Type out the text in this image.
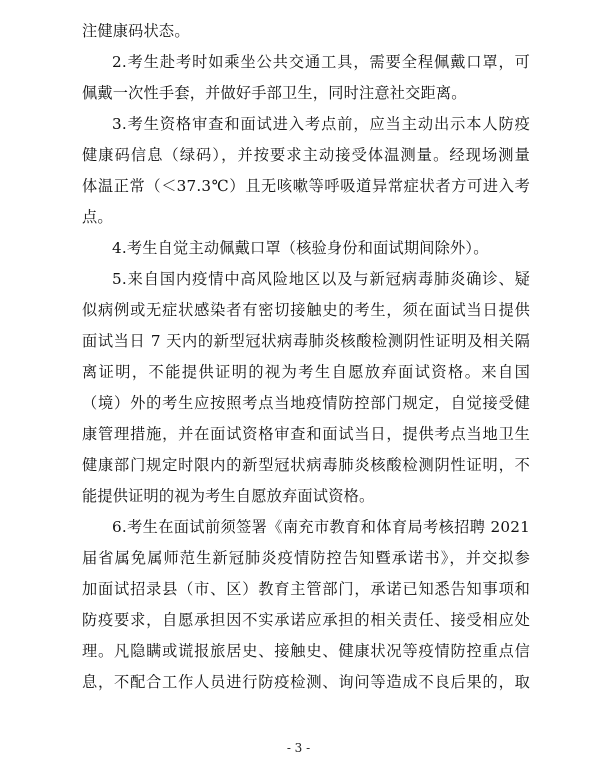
注健康码状态。
2.考生赴考时如乘坐公共交通工具，需要全程佩戴口罩，可
佩戴一次性手套，并做好手部卫生，同时注意社交距离。
3.考生资格审查和面试进入考点前，应当主动出示本人防疫
健康码信息（绿码），并按要求主动接受体温测量。经现场测量
体温正常（＜37.3℃）且无咳嗽等呼吸道异常症状者方可进入考
点。
4.考生自觉主动佩戴口罩（核验身份和面试期间除外）。
5.来自国内疫情中高风险地区以及与新冠病毒肺炎确诊、疑
似病例或无症状感染者有密切接触史的考生，须在面试当日提供
面试当日 7 天内的新型冠状病毒肺炎核酸检测阴性证明及相关隔
离证明，不能提供证明的视为考生自愿放弃面试资格。来自国
（境）外的考生应按照考点当地疫情防控部门规定，自觉接受健
康管理措施，并在面试资格审查和面试当日，提供考点当地卫生
健康部门规定时限内的新型冠状病毒肺炎核酸检测阴性证明，不
能提供证明的视为考生自愿放弃面试资格。
6.考生在面试前须签署《南充市教育和体育局考核招聘 2021
届省属免属师范生新冠肺炎疫情防控告知暨承诺书》，并交拟参
加面试招录县（市、区）教育主管部门，承诺已知悉告知事项和
防疫要求，自愿承担因不实承诺应承担的相关责任、接受相应处
理。凡隐瞒或谎报旅居史、接触史、健康状况等疫情防控重点信
息，不配合工作人员进行防疫检测、询问等造成不良后果的，取
- 3 -
